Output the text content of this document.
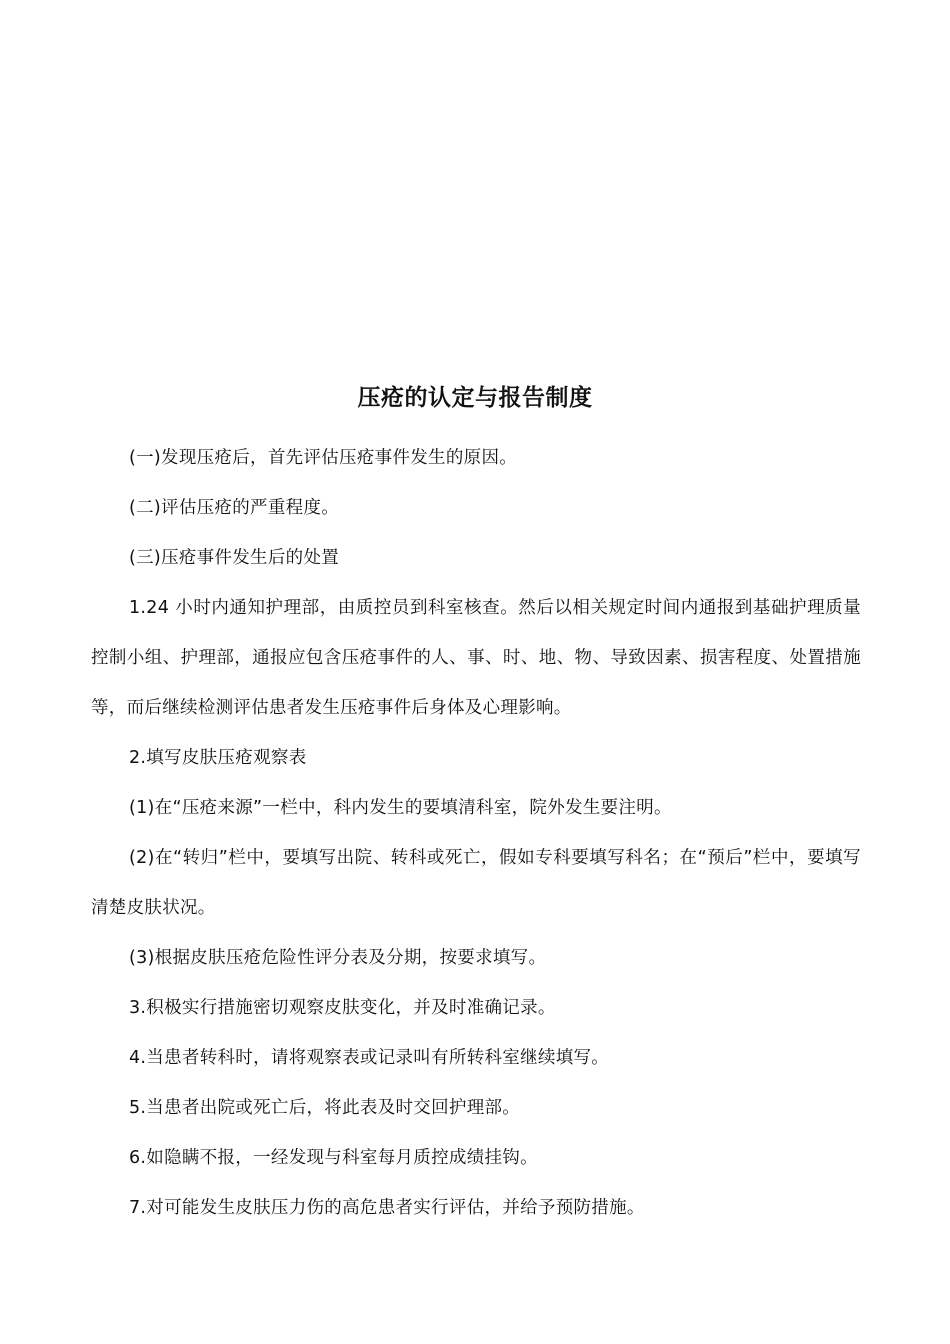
压疮的认定与报告制度

(一)发现压疮后，首先评估压疮事件发生的原因。

(二)评估压疮的严重程度。

(三)压疮事件发生后的处置

1.24 小时内通知护理部，由质控员到科室核查。然后以相关规定时间内通报到基础护理质量控制小组、护理部，通报应包含压疮事件的人、事、时、地、物、导致因素、损害程度、处置措施等，而后继续检测评估患者发生压疮事件后身体及心理影响。

2.填写皮肤压疮观察表

(1)在“压疮来源”一栏中，科内发生的要填清科室，院外发生要注明。

(2)在“转归”栏中，要填写出院、转科或死亡，假如专科要填写科名；在“预后”栏中，要填写清楚皮肤状况。

(3)根据皮肤压疮危险性评分表及分期，按要求填写。

3.积极实行措施密切观察皮肤变化，并及时准确记录。

4.当患者转科时，请将观察表或记录叫有所转科室继续填写。

5.当患者出院或死亡后，将此表及时交回护理部。

6.如隐瞒不报，一经发现与科室每月质控成绩挂钩。

7.对可能发生皮肤压力伤的高危患者实行评估，并给予预防措施。
